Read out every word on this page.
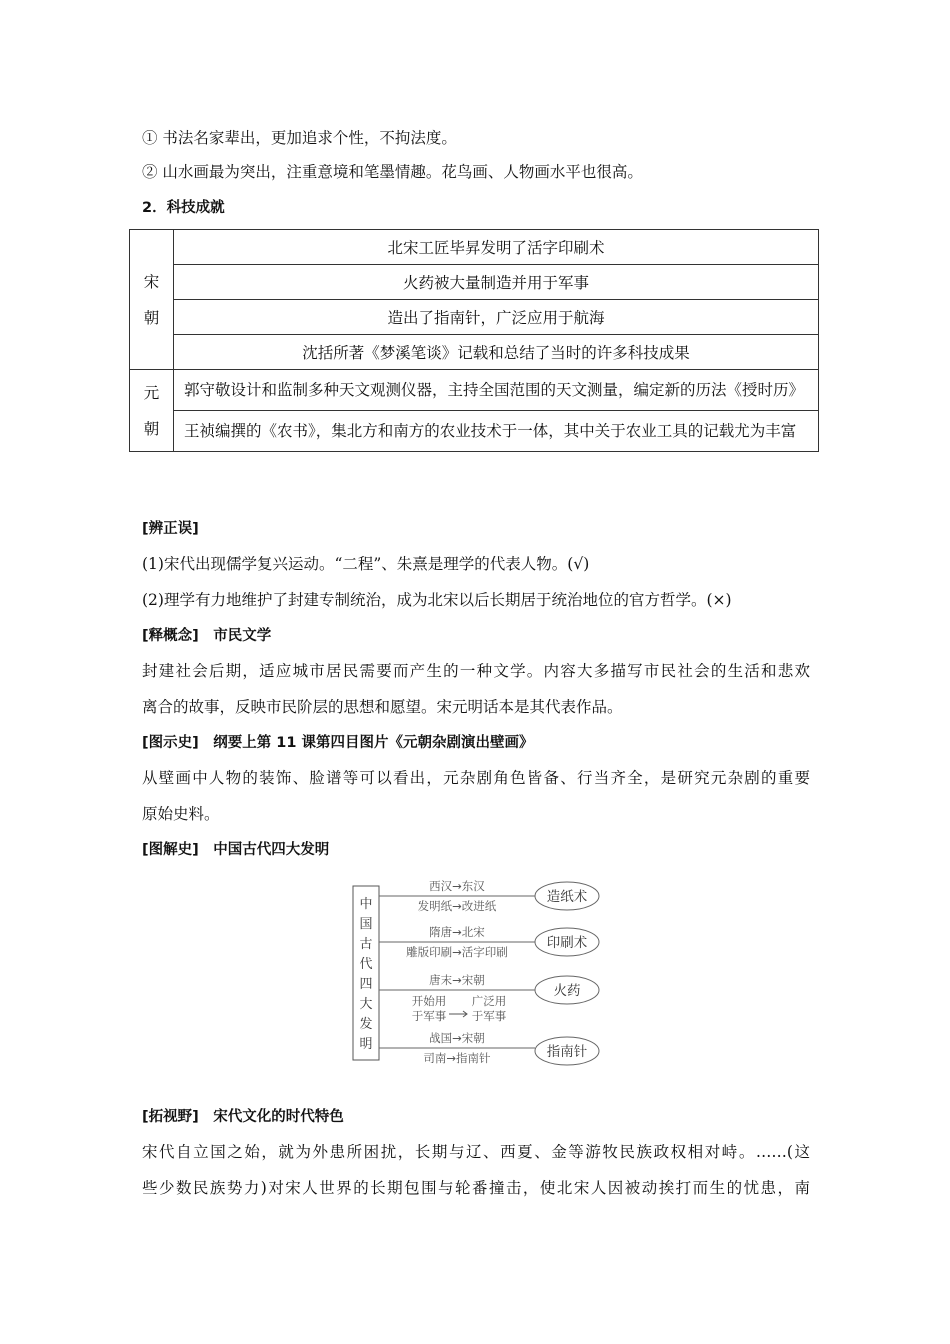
① 书法名家辈出，更加追求个性，不拘法度。
② 山水画最为突出，注重意境和笔墨情趣。花鸟画、人物画水平也很高。
2．科技成就
宋
朝	北宋工匠毕昇发明了活字印刷术
	火药被大量制造并用于军事
	造出了指南针，广泛应用于航海
	沈括所著《梦溪笔谈》记载和总结了当时的许多科技成果
元
朝	郭守敬设计和监制多种天文观测仪器，主持全国范围的天文测量，编定新的历法《授时历》
	王祯编撰的《农书》，集北方和南方的农业技术于一体，其中关于农业工具的记载尤为丰富
[辨正误]
(1)宋代出现儒学复兴运动。“二程”、朱熹是理学的代表人物。(√)
(2)理学有力地维护了封建专制统治，成为北宋以后长期居于统治地位的官方哲学。(×)
[释概念]　市民文学
封建社会后期，适应城市居民需要而产生的一种文学。内容大多描写市民社会的生活和悲欢
离合的故事，反映市民阶层的思想和愿望。宋元明话本是其代表作品。
[图示史]　纲要上第 11 课第四目图片《元朝杂剧演出壁画》
从壁画中人物的装饰、脸谱等可以看出，元杂剧角色皆备、行当齐全，是研究元杂剧的重要
原始史料。
[图解史]　中国古代四大发明
中
国
古
代
四
大
发
明
西汉→东汉
发明纸→改进纸
隋唐→北宋
雕版印刷→活字印刷
唐末→宋朝
开始用
于军事
广泛用
于军事
战国→宋朝
司南→指南针
造纸术
印刷术
火药
指南针
[拓视野]　宋代文化的时代特色
宋代自立国之始，就为外患所困扰，长期与辽、西夏、金等游牧民族政权相对峙。……(这
些少数民族势力)对宋人世界的长期包围与轮番撞击，使北宋人因被动挨打而生的忧患，南
